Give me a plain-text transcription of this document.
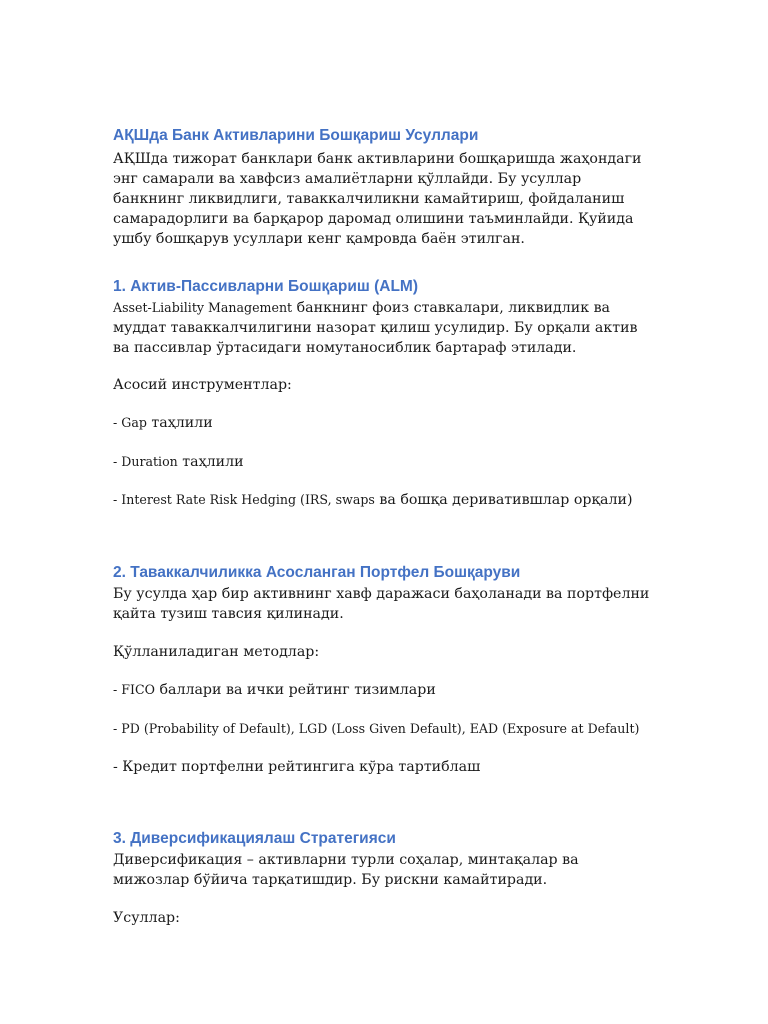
АҚШда Банк Активларини Бошқариш Усуллари

АҚШда тижорат банклари банк активларини бошқаришда жаҳондаги энг самарали ва хавфсиз амалиётларни қўллайди. Бу усуллар банкнинг ликвидлиги, таваккалчиликни камайтириш, фойдаланиш самарадорлиги ва барқарор даромад олишини таъминлайди. Қуйида ушбу бошқарув усуллари кенг қамровда баён этилган.

1. Актив-Пассивларни Бошқариш (ALM)

Asset-Liability Management банкнинг фоиз ставкалари, ликвидлик ва муддат таваккалчилигини назорат қилиш усулидир. Бу орқали актив ва пассивлар ўртасидаги номутаносиблик бартараф этилади.

Асосий инструментлар:

- Gap таҳлили

- Duration таҳлили

- Interest Rate Risk Hedging (IRS, swaps ва бошқа дериватившлар орқали)

2. Таваккалчиликка Асосланган Портфел Бошқаруви

Бу усулда ҳар бир активнинг хавф даражаси баҳоланади ва портфелни қайта тузиш тавсия қилинади.

Қўлланиладиган методлар:

- FICO баллари ва ички рейтинг тизимлари

- PD (Probability of Default), LGD (Loss Given Default), EAD (Exposure at Default)

- Кредит портфелни рейтингига кўра тартиблаш

3. Диверсификациялаш Стратегияси

Диверсификация – активларни турли соҳалар, минтақалар ва мижозлар бўйича тарқатишдир. Бу рискни камайтиради.

Усуллар:
